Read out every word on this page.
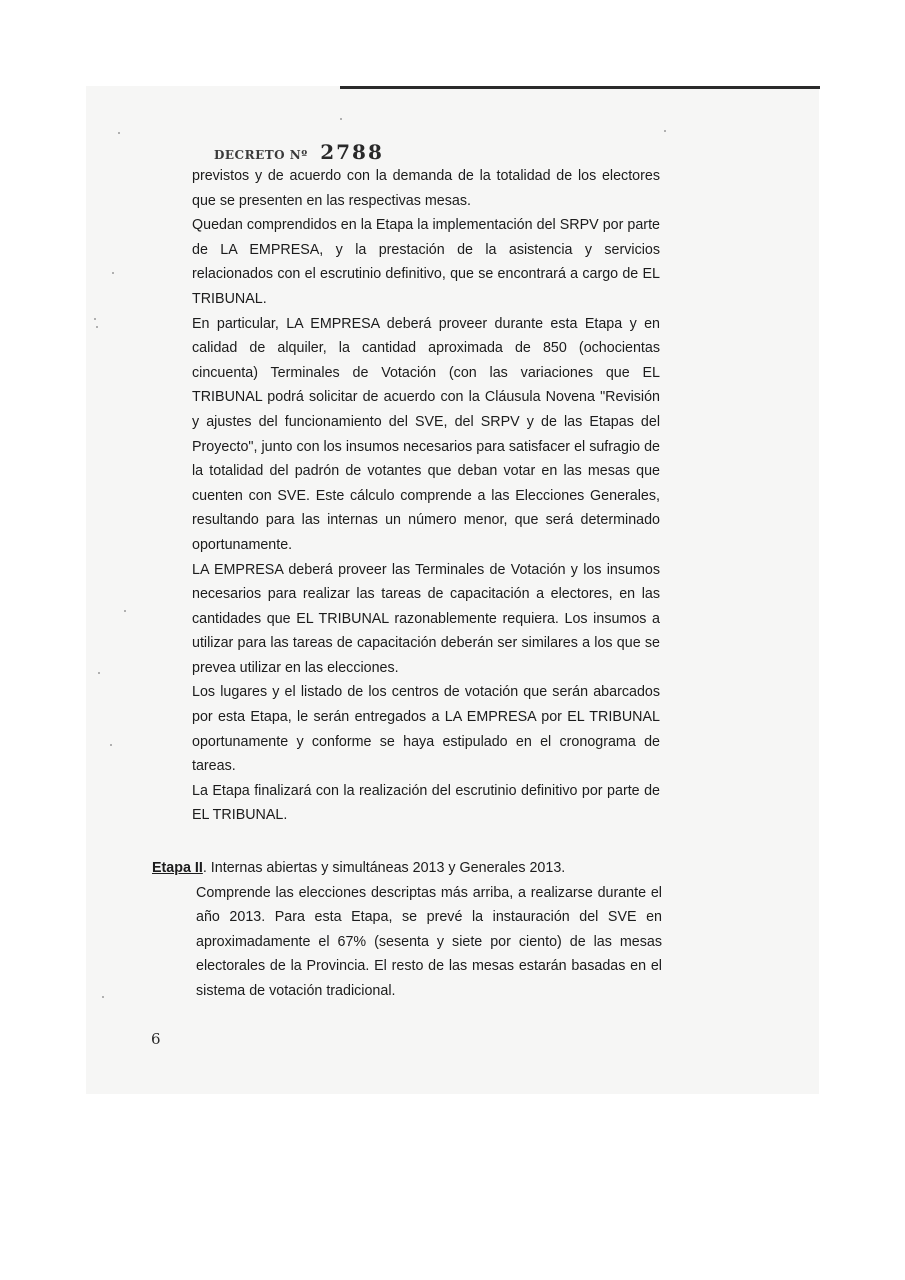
DECRETO Nº 2788

previstos y de acuerdo con la demanda de la totalidad de los electores que se presenten en las respectivas mesas.

Quedan comprendidos en la Etapa la implementación del SRPV por parte de LA EMPRESA, y la prestación de la asistencia y servicios relacionados con el escrutinio definitivo, que se encontrará a cargo de EL TRIBUNAL.

En particular, LA EMPRESA deberá proveer durante esta Etapa y en calidad de alquiler, la cantidad aproximada de 850 (ochocientas cincuenta) Terminales de Votación (con las variaciones que EL TRIBUNAL podrá solicitar de acuerdo con la Cláusula Novena "Revisión y ajustes del funcionamiento del SVE, del SRPV y de las Etapas del Proyecto", junto con los insumos necesarios para satisfacer el sufragio de la totalidad del padrón de votantes que deban votar en las mesas que cuenten con SVE. Este cálculo comprende a las Elecciones Generales, resultando para las internas un número menor, que será determinado oportunamente.

LA EMPRESA deberá proveer las Terminales de Votación y los insumos necesarios para realizar las tareas de capacitación a electores, en las cantidades que EL TRIBUNAL razonablemente requiera. Los insumos a utilizar para las tareas de capacitación deberán ser similares a los que se prevea utilizar en las elecciones.

Los lugares y el listado de los centros de votación que serán abarcados por esta Etapa, le serán entregados a LA EMPRESA por EL TRIBUNAL oportunamente y conforme se haya estipulado en el cronograma de tareas.

La Etapa finalizará con la realización del escrutinio definitivo por parte de EL TRIBUNAL.

Etapa II. Internas abiertas y simultáneas 2013 y Generales 2013.

Comprende las elecciones descriptas más arriba, a realizarse durante el año 2013. Para esta Etapa, se prevé la instauración del SVE en aproximadamente el 67% (sesenta y siete por ciento) de las mesas electorales de la Provincia. El resto de las mesas estarán basadas en el sistema de votación tradicional.

6
